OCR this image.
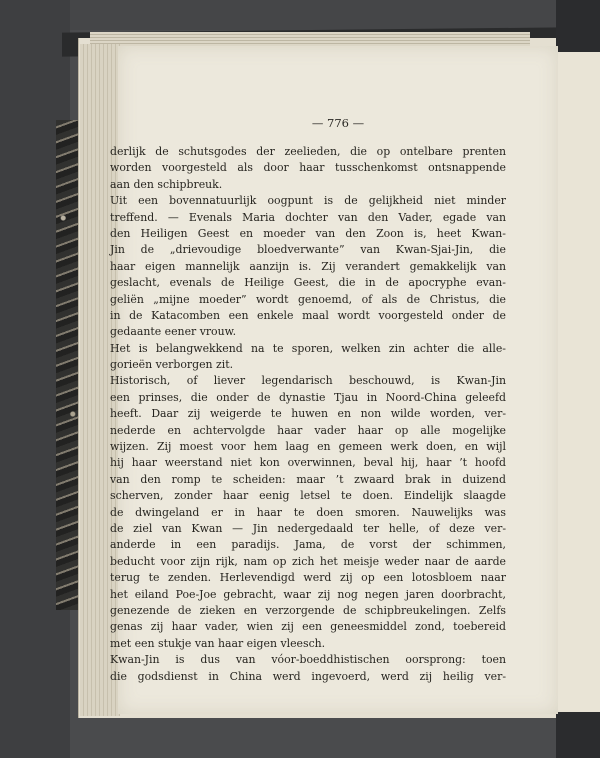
— 776 —
derlijk de schutsgodes der zeelieden, die op ontelbare prenten
worden voorgesteld als door haar tusschenkomst ontsnappende
aan den schipbreuk.
Uit een bovennatuurlijk oogpunt is de gelijkheid niet minder
treffend. — Evenals Maria dochter van den Vader, egade van
den Heiligen Geest en moeder van den Zoon is, heet Kwan-
Jin de „drievoudige bloedverwante” van Kwan-Sjai-Jin, die
haar eigen mannelijk aanzijn is. Zij verandert gemakkelijk van
geslacht, evenals de Heilige Geest, die in de apocryphe evan-
geliën „mijne moeder” wordt genoemd, of als de Christus, die
in de Katacomben een enkele maal wordt voorgesteld onder de
gedaante eener vrouw.
Het is belangwekkend na te sporen, welken zin achter die alle-
gorieën verborgen zit.
Historisch, of liever legendarisch beschouwd, is Kwan-Jin
een prinses, die onder de dynastie Tjau in Noord-China geleefd
heeft. Daar zij weigerde te huwen en non wilde worden, ver-
nederde en achtervolgde haar vader haar op alle mogelijke
wijzen. Zij moest voor hem laag en gemeen werk doen, en wijl
hij haar weerstand niet kon overwinnen, beval hij, haar ’t hoofd
van den romp te scheiden: maar ’t zwaard brak in duizend
scherven, zonder haar eenig letsel te doen. Eindelijk slaagde
de dwingeland er in haar te doen smoren. Nauwelijks was
de ziel van Kwan — Jin nedergedaald ter helle, of deze ver-
anderde in een paradijs. Jama, de vorst der schimmen,
beducht voor zijn rijk, nam op zich het meisje weder naar de aarde
terug te zenden. Herlevendigd werd zij op een lotosbloem naar
het eiland Poe-Joe gebracht, waar zij nog negen jaren doorbracht,
genezende de zieken en verzorgende de schipbreukelingen. Zelfs
genas zij haar vader, wien zij een geneesmiddel zond, toebereid
met een stukje van haar eigen vleesch.
Kwan-Jin is dus van vóor-boeddhistischen oorsprong: toen
die godsdienst in China werd ingevoerd, werd zij heilig ver-
